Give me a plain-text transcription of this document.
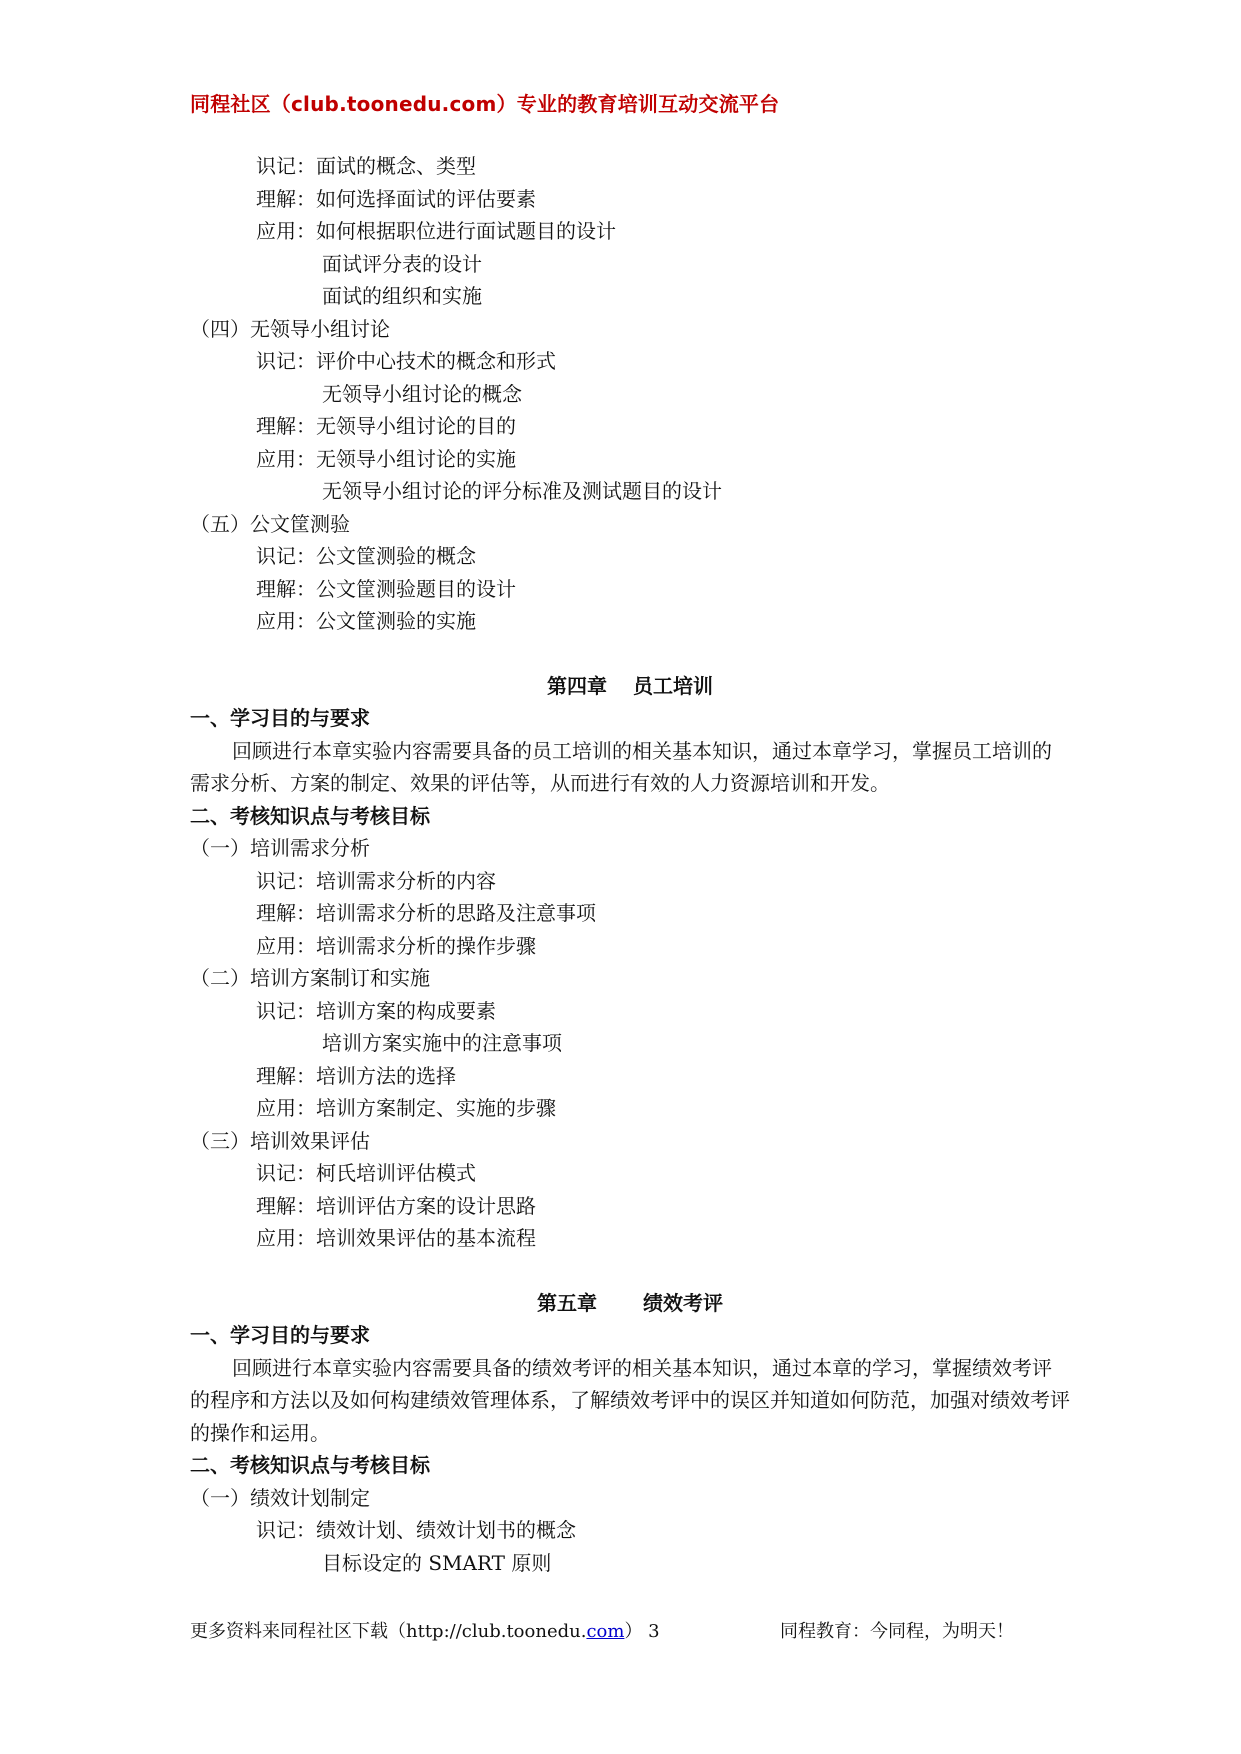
同程社区（club.toonedu.com）专业的教育培训互动交流平台
识记：面试的概念、类型
理解：如何选择面试的评估要素
应用：如何根据职位进行面试题目的设计
面试评分表的设计
面试的组织和实施
（四）无领导小组讨论
识记：评价中心技术的概念和形式
无领导小组讨论的概念
理解：无领导小组讨论的目的
应用：无领导小组讨论的实施
无领导小组讨论的评分标准及测试题目的设计
（五）公文筐测验
识记：公文筐测验的概念
理解：公文筐测验题目的设计
应用：公文筐测验的实施
第四章 员工培训
一、学习目的与要求
回顾进行本章实验内容需要具备的员工培训的相关基本知识，通过本章学习，掌握员工培训的需求分析、方案的制定、效果的评估等，从而进行有效的人力资源培训和开发。
二、考核知识点与考核目标
（一）培训需求分析
识记：培训需求分析的内容
理解：培训需求分析的思路及注意事项
应用：培训需求分析的操作步骤
（二）培训方案制订和实施
识记：培训方案的构成要素
培训方案实施中的注意事项
理解：培训方法的选择
应用：培训方案制定、实施的步骤
（三）培训效果评估
识记：柯氏培训评估模式
理解：培训评估方案的设计思路
应用：培训效果评估的基本流程
第五章 绩效考评
一、学习目的与要求
回顾进行本章实验内容需要具备的绩效考评的相关基本知识，通过本章的学习，掌握绩效考评的程序和方法以及如何构建绩效管理体系，了解绩效考评中的误区并知道如何防范，加强对绩效考评的操作和运用。
二、考核知识点与考核目标
（一）绩效计划制定
识记：绩效计划、绩效计划书的概念
目标设定的 SMART 原则
更多资料来同程社区下载（http://club.toonedu.com） 3	同程教育：今同程，为明天！
